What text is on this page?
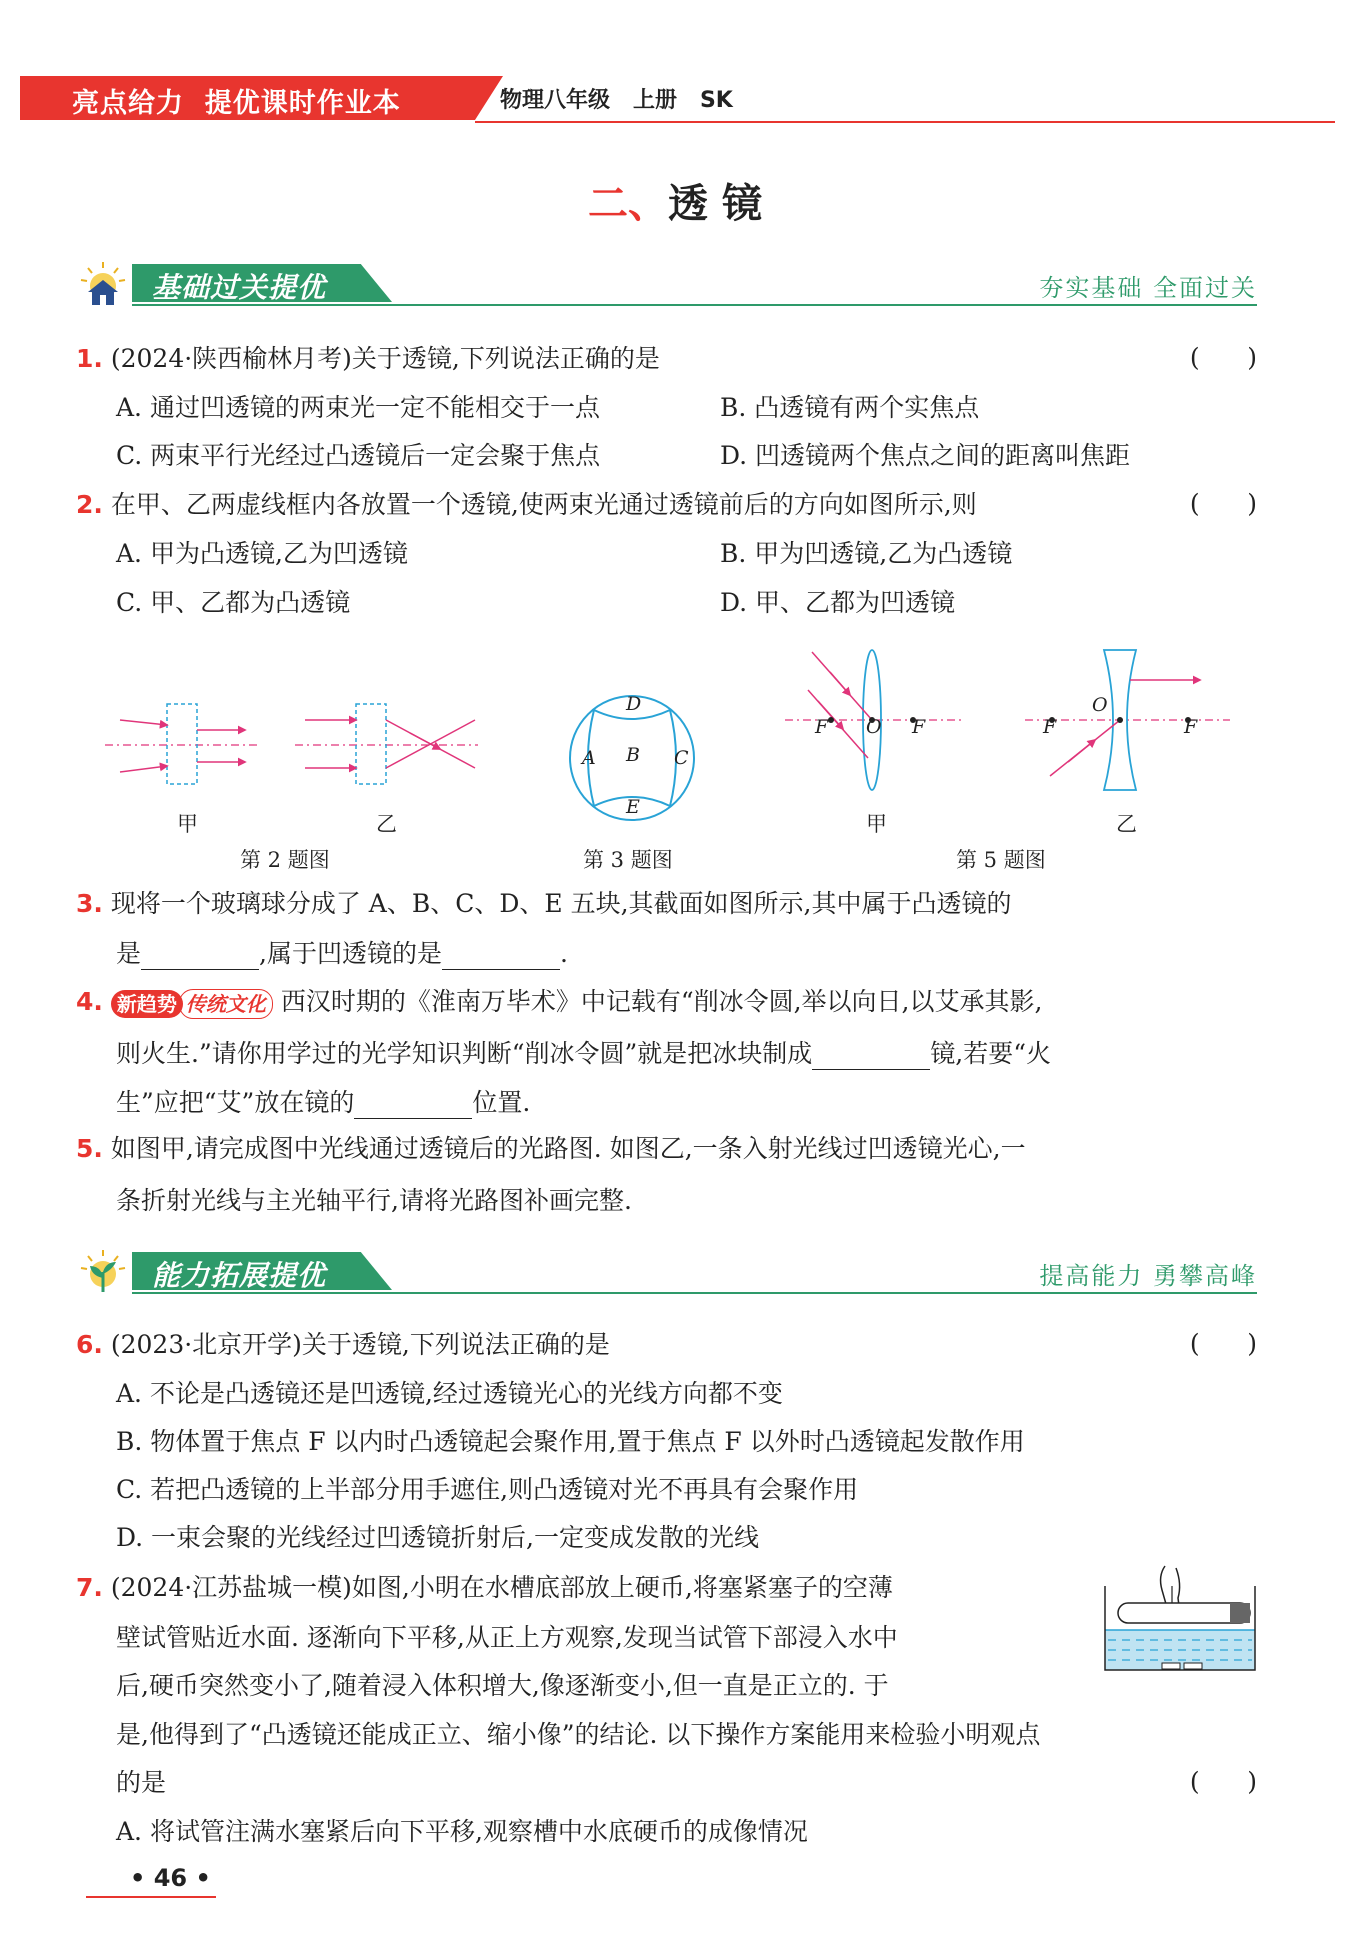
亮点给力  提优课时作业本	物理八年级   上册   SK
二、透 镜
基础过关提优	夯实基础 全面过关
1. (2024·陕西榆林月考)关于透镜,下列说法正确的是	(      )
A. 通过凹透镜的两束光一定不能相交于一点	B. 凸透镜有两个实焦点
C. 两束平行光经过凸透镜后一定会聚于焦点	D. 凹透镜两个焦点之间的距离叫焦距
2. 在甲、乙两虚线框内各放置一个透镜,使两束光通过透镜前后的方向如图所示,则	(      )
A. 甲为凸透镜,乙为凹透镜	B. 甲为凹透镜,乙为凸透镜
C. 甲、乙都为凸透镜	D. 甲、乙都为凹透镜
甲	乙
第 2 题图	第 3 题图	第 5 题图
甲	乙
D
B
A	C
E
F O F	F
O
F
3. 现将一个玻璃球分成了 A、B、C、D、E 五块,其截面如图所示,其中属于凸透镜的
是	,属于凹透镜的是	.
4. 新趋势 传统文化 西汉时期的《淮南万毕术》中记载有“削冰令圆,举以向日,以艾承其影,
则火生.”请你用学过的光学知识判断“削冰令圆”就是把冰块制成	镜,若要“火
生”应把“艾”放在镜的	位置.
5. 如图甲,请完成图中光线通过透镜后的光路图. 如图乙,一条入射光线过凹透镜光心,一
条折射光线与主光轴平行,请将光路图补画完整.
能力拓展提优	提高能力 勇攀高峰
6. (2023·北京开学)关于透镜,下列说法正确的是	(      )
A. 不论是凸透镜还是凹透镜,经过透镜光心的光线方向都不变
B. 物体置于焦点 F 以内时凸透镜起会聚作用,置于焦点 F 以外时凸透镜起发散作用
C. 若把凸透镜的上半部分用手遮住,则凸透镜对光不再具有会聚作用
D. 一束会聚的光线经过凹透镜折射后,一定变成发散的光线
7. (2024·江苏盐城一模)如图,小明在水槽底部放上硬币,将塞紧塞子的空薄
壁试管贴近水面. 逐渐向下平移,从正上方观察,发现当试管下部浸入水中
后,硬币突然变小了,随着浸入体积增大,像逐渐变小,但一直是正立的. 于
是,他得到了“凸透镜还能成正立、缩小像”的结论. 以下操作方案能用来检验小明观点
的是	(      )
A. 将试管注满水塞紧后向下平移,观察槽中水底硬币的成像情况
• 46 •
